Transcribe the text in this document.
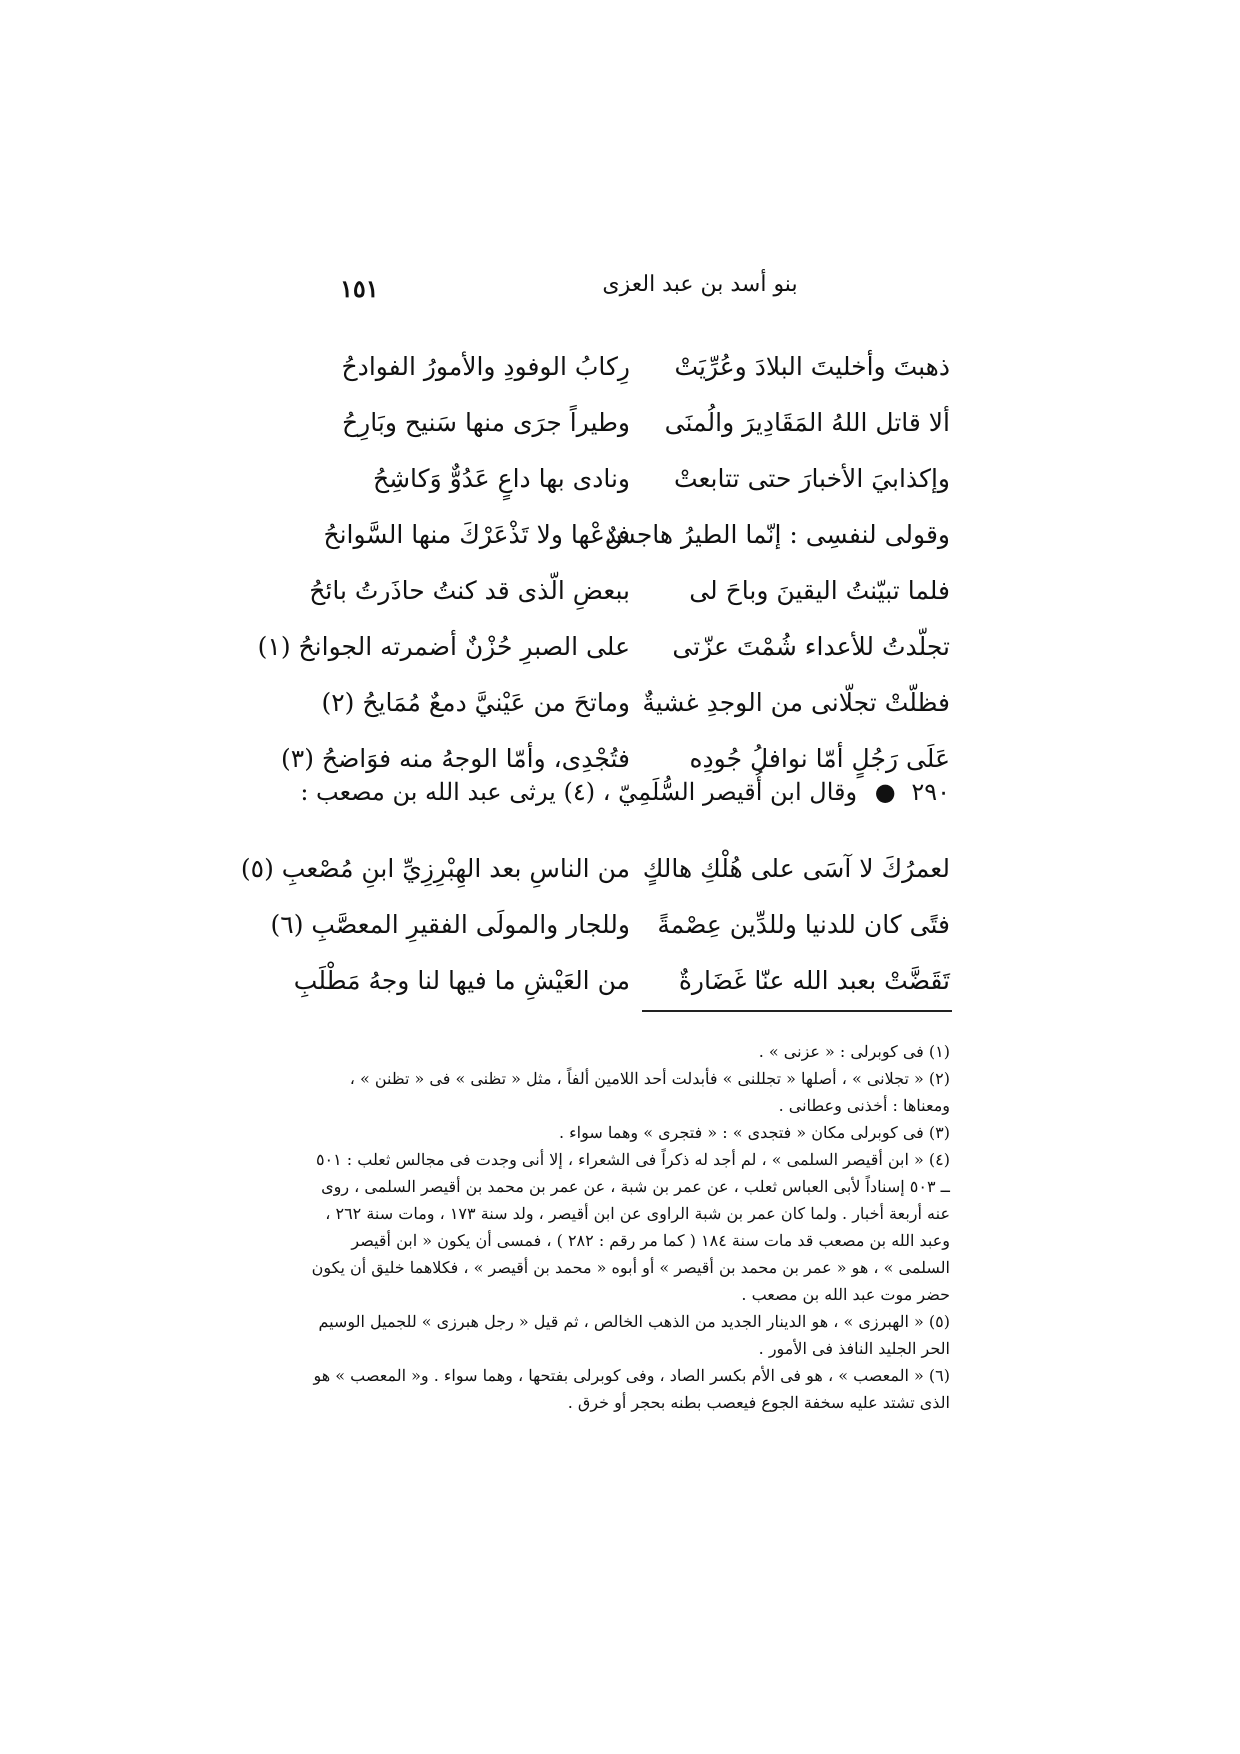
١٥١	بنو أسد بن عبد العزى
ذهبتَ وأخليتَ البلادَ وعُرِّيَتْ
رِكابُ الوفودِ والأمورُ الفوادحُ
ألا قاتل اللهُ المَقَادِيرَ والُمنَى
وطيراً جرَى منها سَنيح وبَارِحُ
وإكذابيَ الأخبارَ حتى تتابعتْ
ونادى بها داعٍ عَدُوٌّ وَكاشِحُ
وقولى لنفسِى : إنّما الطيرُ هاجسٌ
فدعْها ولا تَذْعَرْكَ منها السَّوانحُ
فلما تبيّنتُ اليقينَ وباحَ لى
ببعضِ الّذى قد كنتُ حاذَرتُ بائحُ
تجلّدتُ للأعداء شُمْتَ عزّتى
على الصبرِ حُزْنٌ أضمرته الجوانحُ (١)
فظلّتْ تجلّانى من الوجدِ غشيةٌ
وماتحَ من عَيْنيَّ دمعٌ مُمَايحُ (٢)
عَلَى رَجُلٍ أمّا نوافلُ جُودِه
فتُجْدِى، وأمّا الوجهُ منه فوَاضحُ (٣)
٢٩٠ ● وقال ابن أُقيصر السُّلَمِيّ ، (٤) يرثى عبد الله بن مصعب :
لعمرُكَ لا آسَى على هُلْكِ هالكٍ
من الناسِ بعد الهِبْرِزِيِّ ابنِ مُصْعبِ (٥)
فتًى كان للدنيا وللدِّين عِصْمةً
وللجار والمولَى الفقيرِ المعصَّبِ (٦)
تَقَضَّتْ بعبد الله عنّا غَضَارةٌ
من العَيْشِ ما فيها لنا وجهُ مَطْلَبِ

(١) فى كوبرلى : « عزنى » .

(٢) « تجلانى » ، أصلها « تجللنى » فأبدلت أحد اللامين ألفاً ، مثل « تظنى » فى « تظنن » ، ومعناها : أخذنى وعطانى .

(٣) فى كوبرلى مكان « فتجدى » : « فتجرى » وهما سواء .

(٤) « ابن أقيصر السلمى » ، لم أجد له ذكراً فى الشعراء ، إلا أنى وجدت فى مجالس ثعلب : ٥٠١ ــ ٥٠٣ إسناداً لأبى العباس ثعلب ، عن عمر بن شبة ، عن عمر بن محمد بن أقيصر السلمى ، روى عنه أربعة أخبار . ولما كان عمر بن شبة الراوى عن ابن أقيصر ، ولد سنة ١٧٣ ، ومات سنة ٢٦٢ ، وعبد الله بن مصعب قد مات سنة ١٨٤ ( كما مر رقم : ٢٨٢ ) ، فمسى أن يكون « ابن أقيصر السلمى » ، هو « عمر بن محمد بن أقيصر » أو أبوه « محمد بن أقيصر » ، فكلاهما خليق أن يكون حضر موت عبد الله بن مصعب .

(٥) « الهبرزى » ، هو الدينار الجديد من الذهب الخالص ، ثم قيل « رجل هبرزى » للجميل الوسيم الحر الجليد النافذ فى الأمور .

(٦) « المعصب » ، هو فى الأم بكسر الصاد ، وفى كوبرلى بفتحها ، وهما سواء . و« المعصب » هو الذى تشتد عليه سخفة الجوع فيعصب بطنه بحجر أو خرق .
